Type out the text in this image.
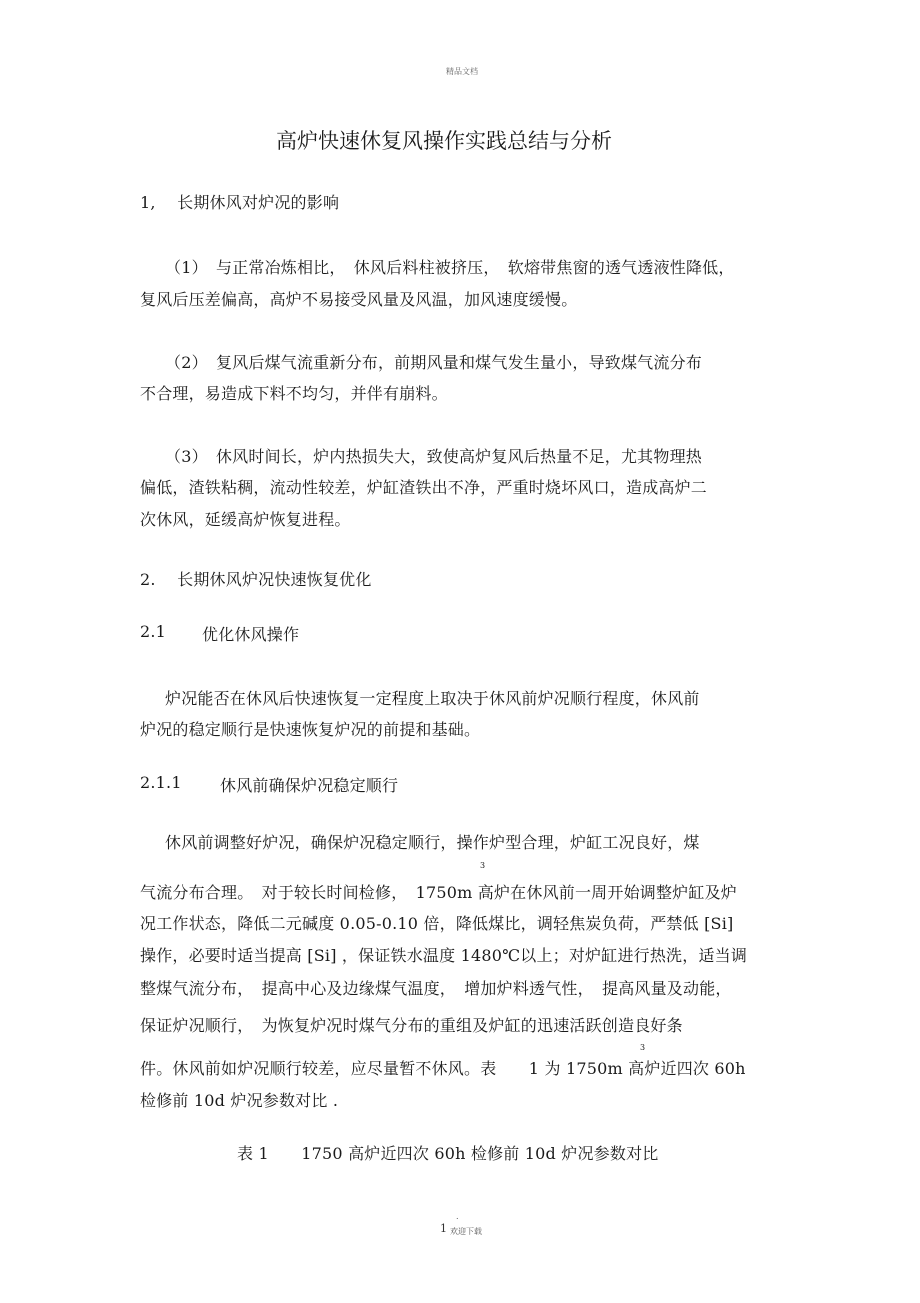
精品文档
高炉快速休复风操作实践总结与分析
1,　 长期休风对炉况的影响
（1）　与正常冶炼相比，　休风后料柱被挤压，　软熔带焦窗的透气透液性降低，
复风后压差偏高，高炉不易接受风量及风温，加风速度缓慢。
（2）　复风后煤气流重新分布，前期风量和煤气发生量小，导致煤气流分布
不合理，易造成下料不均匀，并伴有崩料。
（3）　休风时间长，炉内热损失大，致使高炉复风后热量不足，尤其物理热
偏低，渣铁粘稠，流动性较差，炉缸渣铁出不净，严重时烧坏风口，造成高炉二
次休风，延缓高炉恢复进程。
2.　 长期休风炉况快速恢复优化
2.1 优化休风操作
炉况能否在休风后快速恢复一定程度上取决于休风前炉况顺行程度，休风前
炉况的稳定顺行是快速恢复炉况的前提和基础。
2.1.1 休风前确保炉况稳定顺行
休风前调整好炉况，确保炉况稳定顺行，操作炉型合理，炉缸工况良好，煤
3
气流分布合理。　对于较长时间检修，　1750m 高炉在休风前一周开始调整炉缸及炉
况工作状态，降低二元碱度 0.05-0.10 倍，降低煤比，调轻焦炭负荷，严禁低 [Si]
操作，必要时适当提高 [Si] ，保证铁水温度 1480℃以上；对炉缸进行热洗，适当调
整煤气流分布，　提高中心及边缘煤气温度，　增加炉料透气性，　提高风量及动能，
保证炉况顺行，　为恢复炉况时煤气分布的重组及炉缸的迅速活跃创造良好条
3
件。休风前如炉况顺行较差，应尽量暂不休风。表　　1 为 1750m 高炉近四次 60h
检修前 10d 炉况参数对比 .
表 1　　1750 高炉近四次 60h 检修前 10d 炉况参数对比
.
1 欢迎下载
